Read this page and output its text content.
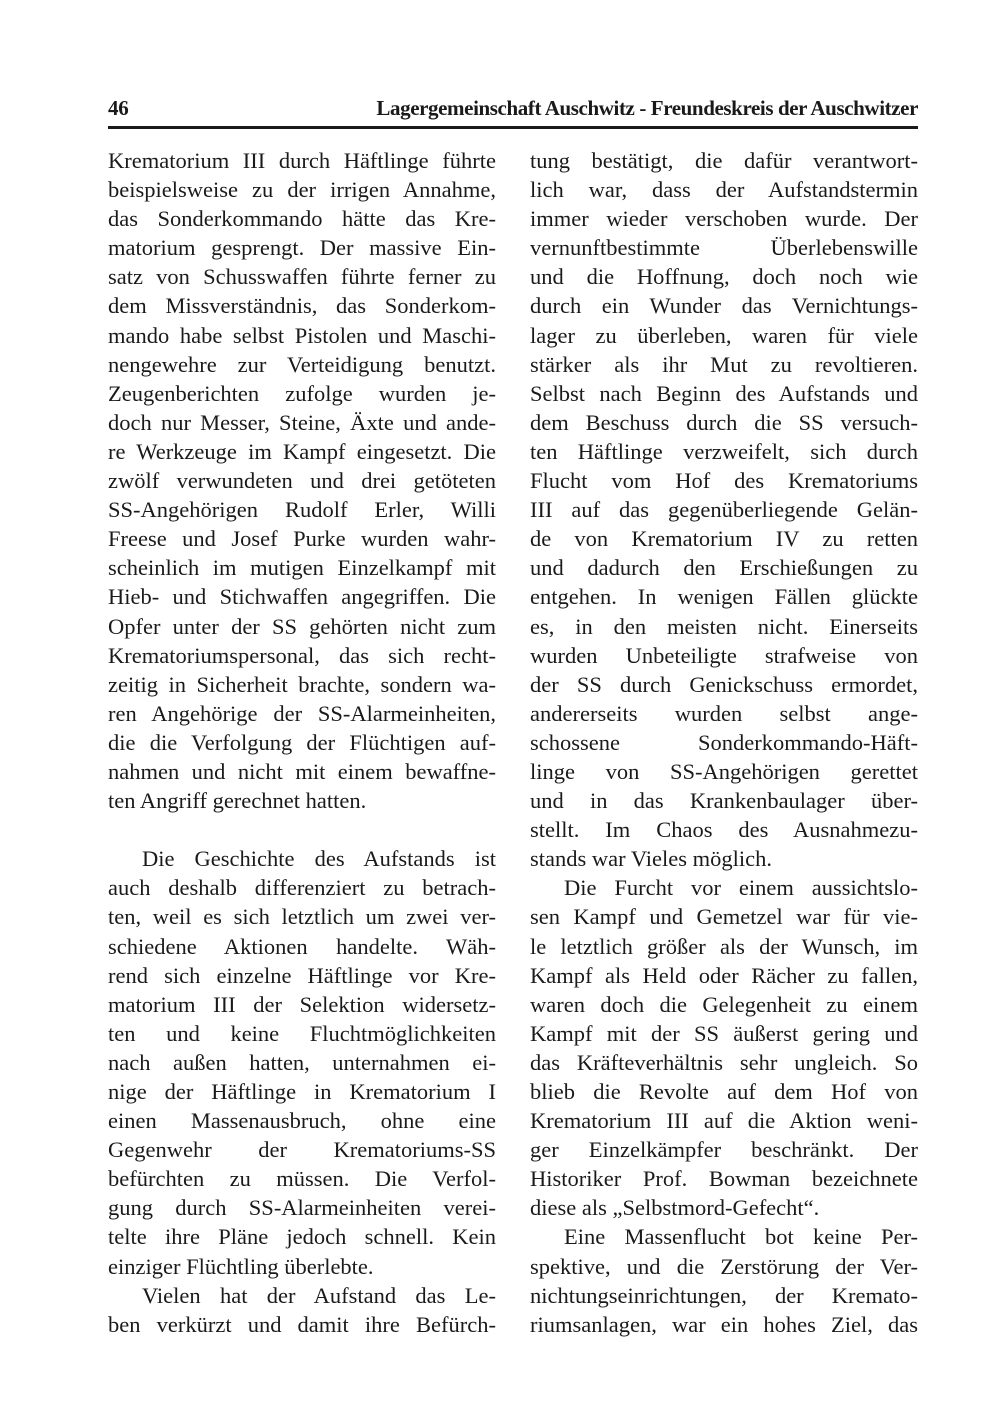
46	Lagergemeinschaft Auschwitz - Freundeskreis der Auschwitzer
Krematorium III durch Häftlinge führte
beispielsweise zu der irrigen Annahme,
das Sonderkommando hätte das Kre-
matorium gesprengt. Der massive Ein-
satz von Schusswaffen führte ferner zu
dem Missverständnis, das Sonderkom-
mando habe selbst Pistolen und Maschi-
nengewehre zur Verteidigung benutzt.
Zeugenberichten zufolge wurden je-
doch nur Messer, Steine, Äxte und ande-
re Werkzeuge im Kampf eingesetzt. Die
zwölf verwundeten und drei getöteten
SS-Angehörigen Rudolf Erler, Willi
Freese und Josef Purke wurden wahr-
scheinlich im mutigen Einzelkampf mit
Hieb- und Stichwaffen angegriffen. Die
Opfer unter der SS gehörten nicht zum
Krematoriumspersonal, das sich recht-
zeitig in Sicherheit brachte, sondern wa-
ren Angehörige der SS-Alarmeinheiten,
die die Verfolgung der Flüchtigen auf-
nahmen und nicht mit einem bewaffne-
ten Angriff gerechnet hatten.
Die Geschichte des Aufstands ist
auch deshalb differenziert zu betrach-
ten, weil es sich letztlich um zwei ver-
schiedene Aktionen handelte. Wäh-
rend sich einzelne Häftlinge vor Kre-
matorium III der Selektion widersetz-
ten und keine Fluchtmöglichkeiten
nach außen hatten, unternahmen ei-
nige der Häftlinge in Krematorium I
einen Massenausbruch, ohne eine
Gegenwehr der Krematoriums-SS
befürchten zu müssen. Die Verfol-
gung durch SS-Alarmeinheiten verei-
telte ihre Pläne jedoch schnell. Kein
einziger Flüchtling überlebte.
Vielen hat der Aufstand das Le-
ben verkürzt und damit ihre Befürch-
tung bestätigt, die dafür verantwort-
lich war, dass der Aufstandstermin
immer wieder verschoben wurde. Der
vernunftbestimmte Überlebenswille
und die Hoffnung, doch noch wie
durch ein Wunder das Vernichtungs-
lager zu überleben, waren für viele
stärker als ihr Mut zu revoltieren.
Selbst nach Beginn des Aufstands und
dem Beschuss durch die SS versuch-
ten Häftlinge verzweifelt, sich durch
Flucht vom Hof des Krematoriums
III auf das gegenüberliegende Gelän-
de von Krematorium IV zu retten
und dadurch den Erschießungen zu
entgehen. In wenigen Fällen glückte
es, in den meisten nicht. Einerseits
wurden Unbeteiligte strafweise von
der SS durch Genickschuss ermordet,
andererseits wurden selbst ange-
schossene Sonderkommando-Häft-
linge von SS-Angehörigen gerettet
und in das Krankenbaulager über-
stellt. Im Chaos des Ausnahmezu-
stands war Vieles möglich.
Die Furcht vor einem aussichtslo-
sen Kampf und Gemetzel war für vie-
le letztlich größer als der Wunsch, im
Kampf als Held oder Rächer zu fallen,
waren doch die Gelegenheit zu einem
Kampf mit der SS äußerst gering und
das Kräfteverhältnis sehr ungleich. So
blieb die Revolte auf dem Hof von
Krematorium III auf die Aktion weni-
ger Einzelkämpfer beschränkt. Der
Historiker Prof. Bowman bezeichnete
diese als „Selbstmord-Gefecht“.
Eine Massenflucht bot keine Per-
spektive, und die Zerstörung der Ver-
nichtungseinrichtungen, der Kremato-
riumsanlagen, war ein hohes Ziel, das
